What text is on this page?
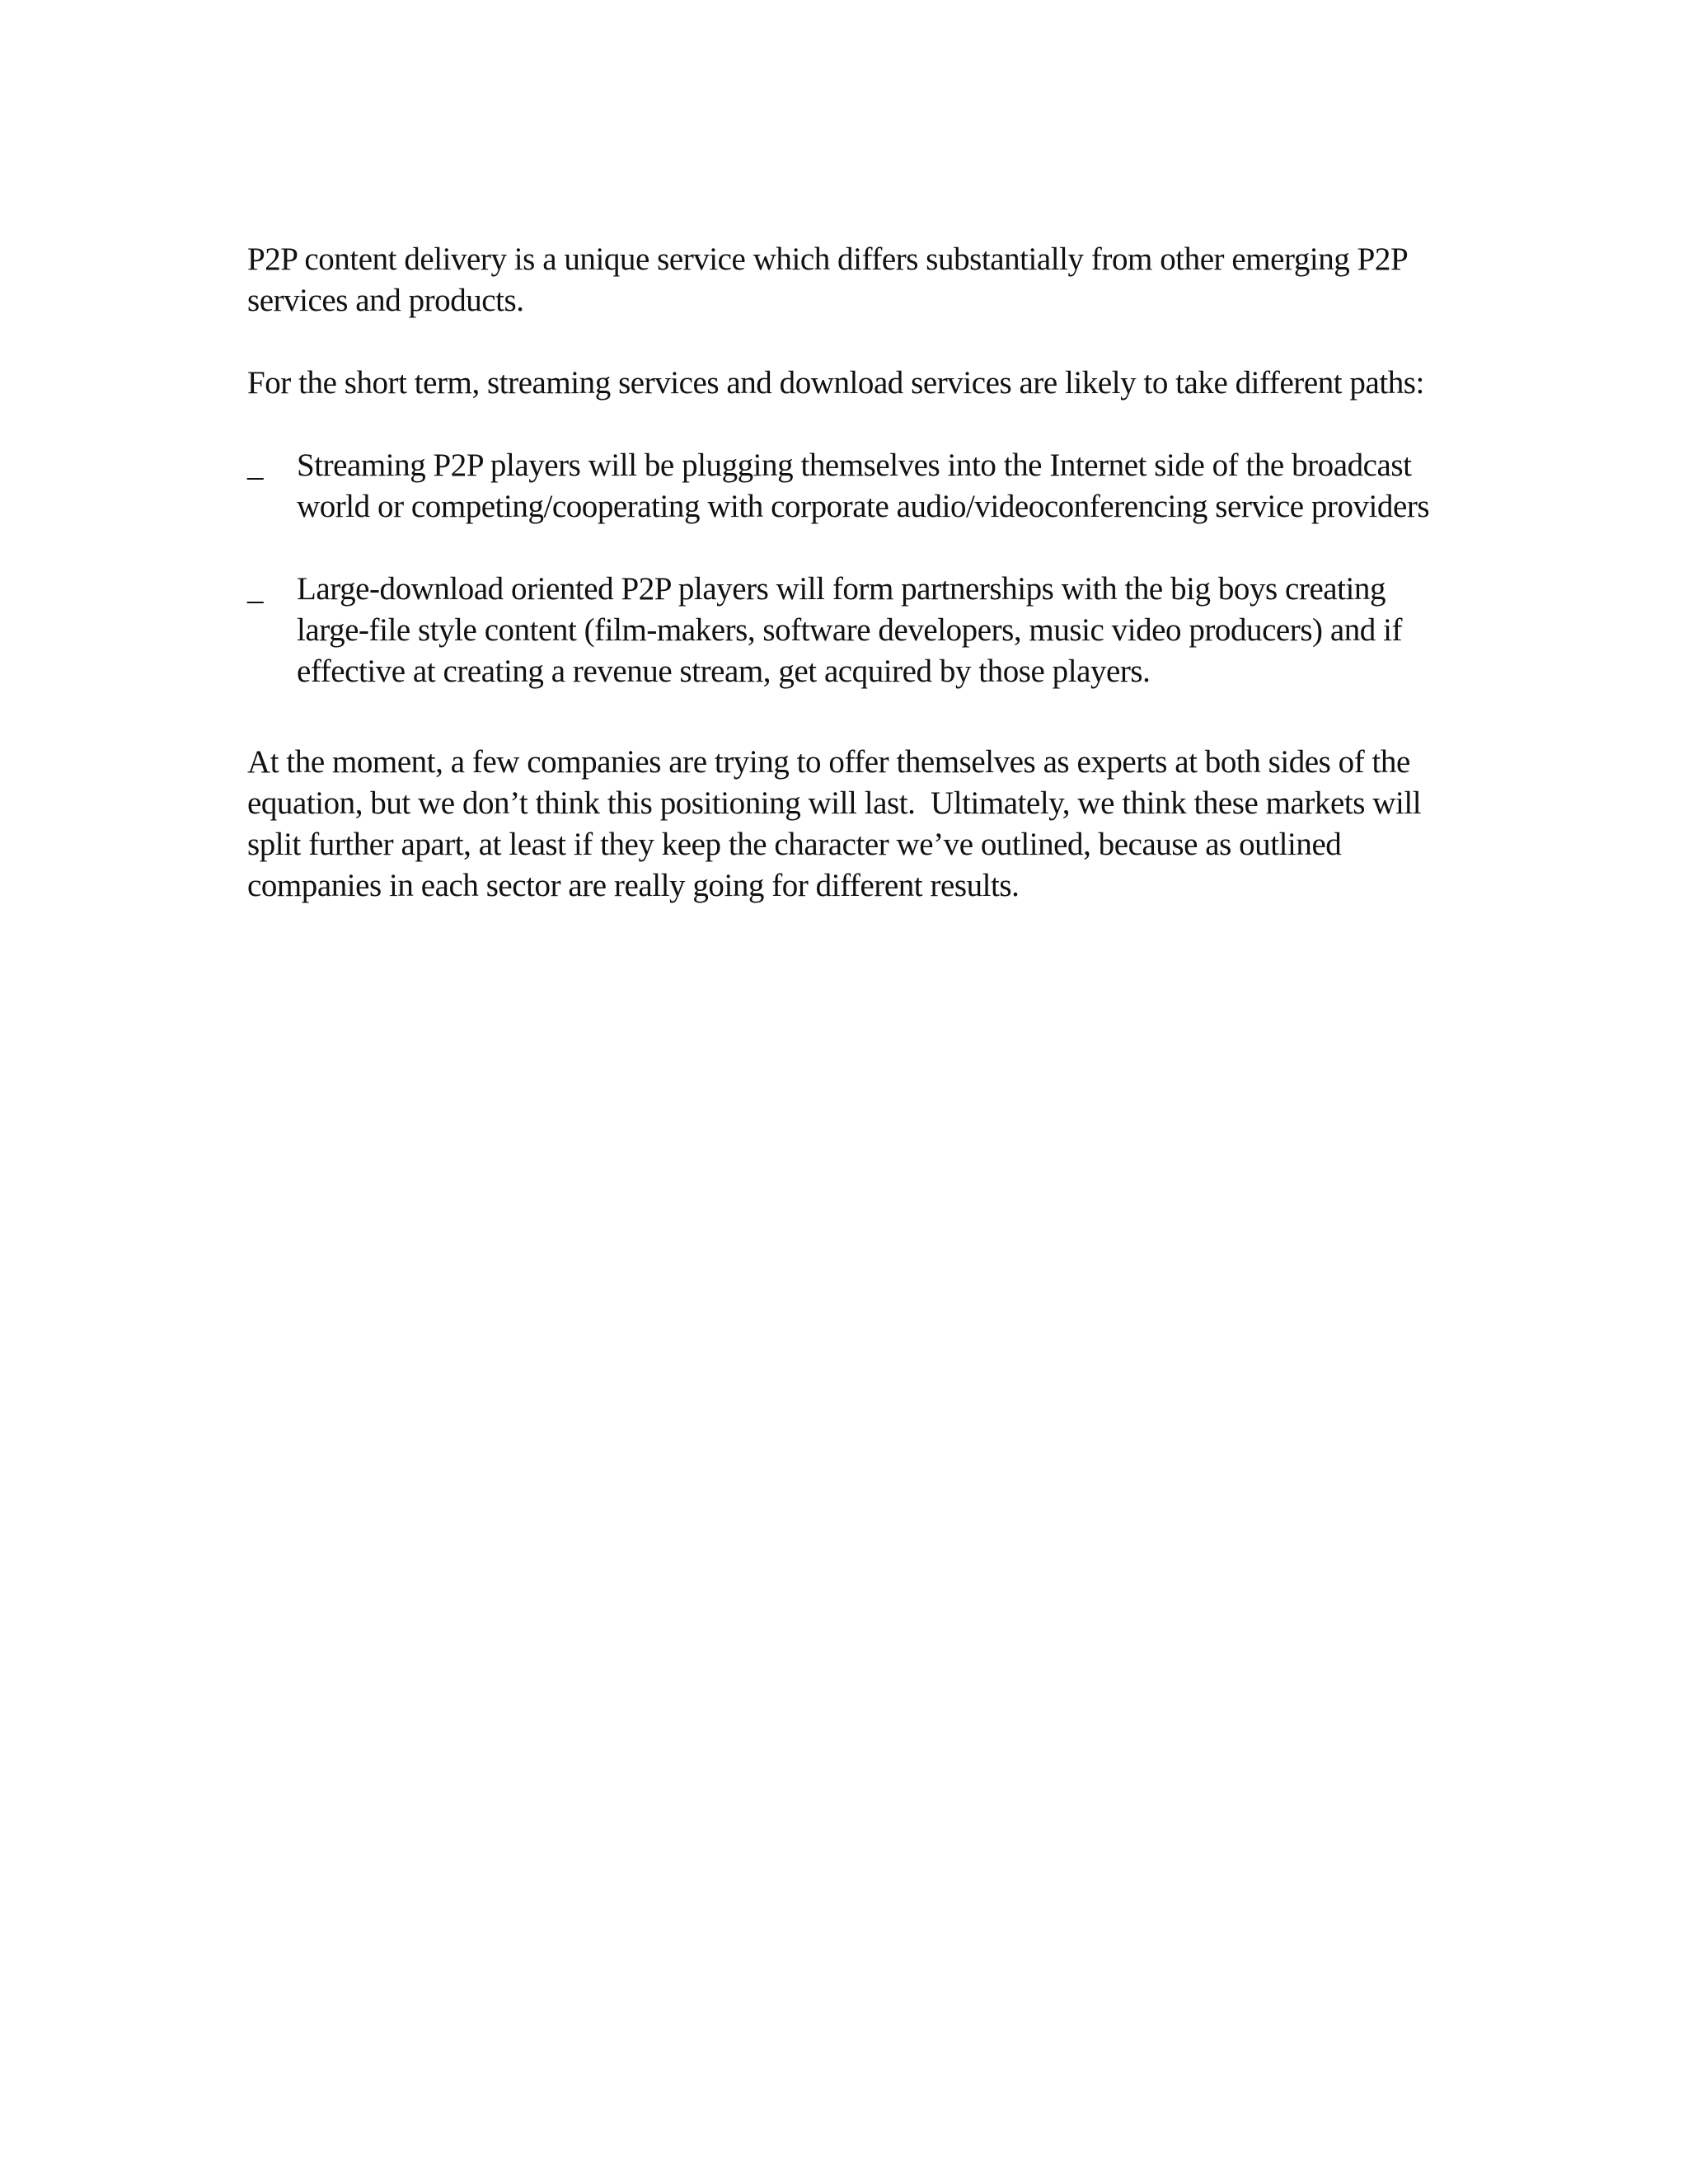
P2P content delivery is a unique service which differs substantially from other emerging P2P services and products.

For the short term, streaming services and download services are likely to take different paths:

_	Streaming P2P players will be plugging themselves into the Internet side of the broadcast world or competing/cooperating with corporate audio/videoconferencing service providers
_	Large-download oriented P2P players will form partnerships with the big boys creating large-file style content (film-makers, software developers, music video producers) and if effective at creating a revenue stream, get acquired by those players.

At the moment, a few companies are trying to offer themselves as experts at both sides of the equation, but we don’t think this positioning will last.  Ultimately, we think these markets will split further apart, at least if they keep the character we’ve outlined, because as outlined companies in each sector are really going for different results.
